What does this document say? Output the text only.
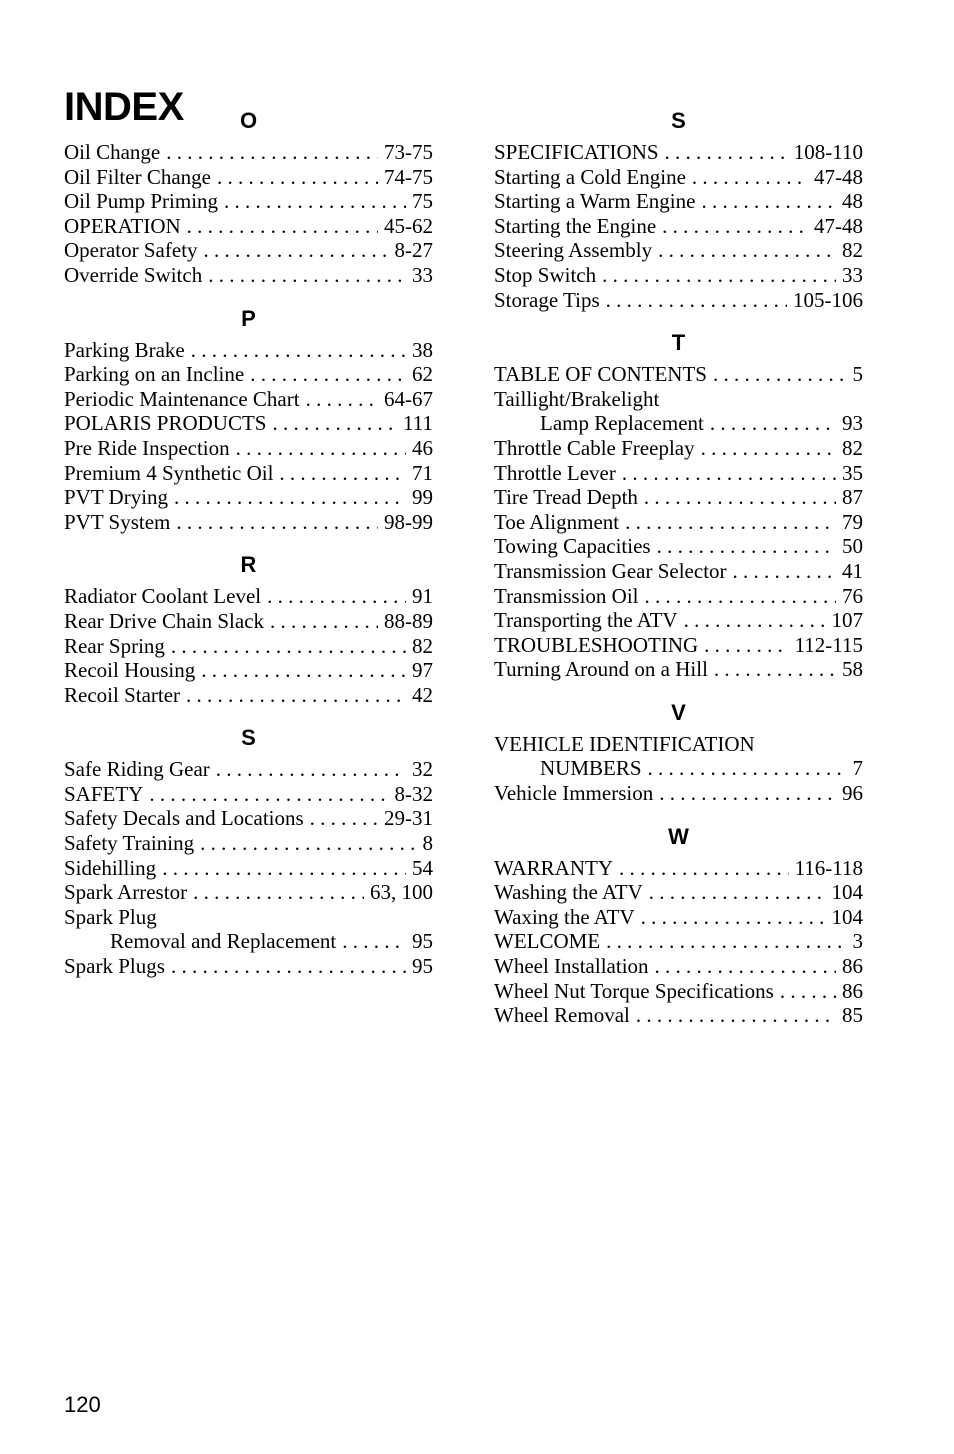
INDEX	O
Oil Change . . .	73-75
Oil Filter Change . . .	74-75
Oil Pump Priming . . .	75
OPERATION . . .	45-62
Operator Safety . . .	8-27
Override Switch . . .	33
P
Parking Brake . . .	38
Parking on an Incline . . .	62
Periodic Maintenance Chart . . .	64-67
POLARIS PRODUCTS . . .	111
Pre Ride Inspection . . .	46
Premium 4 Synthetic Oil . . .	71
PVT Drying . . .	99
PVT System . . .	98-99
R
Radiator Coolant Level . . .	91
Rear Drive Chain Slack . . .	88-89
Rear Spring . . .	82
Recoil Housing . . .	97
Recoil Starter . . .	42
S
Safe Riding Gear . . .	32
SAFETY . . .	8-32
Safety Decals and Locations . . .	29-31
Safety Training . . .	8
Sidehilling . . .	54
Spark Arrestor . . .	63, 100
Spark Plug
Removal and Replacement . . .	95
Spark Plugs . . .	95
S
SPECIFICATIONS . . .	108-110
Starting a Cold Engine . . .	47-48
Starting a Warm Engine . . .	48
Starting the Engine . . .	47-48
Steering Assembly . . .	82
Stop Switch . . .	33
Storage Tips . . .	105-106
T
TABLE OF CONTENTS . . .	5
Taillight/Brakelight
Lamp Replacement . . .	93
Throttle Cable Freeplay . . .	82
Throttle Lever . . .	35
Tire Tread Depth . . .	87
Toe Alignment . . .	79
Towing Capacities . . .	50
Transmission Gear Selector . . .	41
Transmission Oil . . .	76
Transporting the ATV . . .	107
TROUBLESHOOTING . . .	112-115
Turning Around on a Hill . . .	58
V
VEHICLE IDENTIFICATION
NUMBERS . . .	7
Vehicle Immersion . . .	96
W
WARRANTY . . .	116-118
Washing the ATV . . .	104
Waxing the ATV . . .	104
WELCOME . . .	3
Wheel Installation . . .	86
Wheel Nut Torque Specifications . . .	86
Wheel Removal . . .	85
120
